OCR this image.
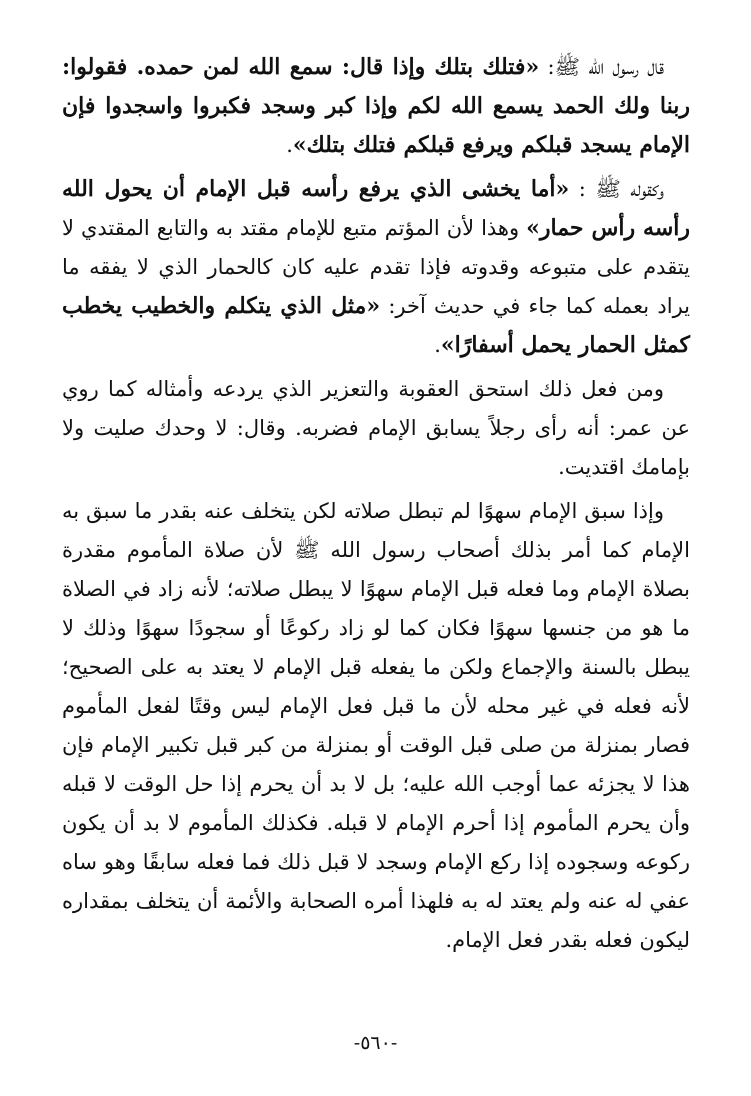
قال رسول الله ﷺ: «فتلك بتلك وإذا قال: سمع الله لمن حمده. فقولوا: ربنا ولك الحمد يسمع الله لكم وإذا كبر وسجد فكبروا واسجدوا فإن الإمام يسجد قبلكم ويرفع قبلكم فتلك بتلك».

وكقوله ﷺ : «أما يخشى الذي يرفع رأسه قبل الإمام أن يحول الله رأسه رأس حمار» وهذا لأن المؤتم متبع للإمام مقتد به والتابع المقتدي لا يتقدم على متبوعه وقدوته فإذا تقدم عليه كان كالحمار الذي لا يفقه ما يراد بعمله كما جاء في حديث آخر: «مثل الذي يتكلم والخطيب يخطب كمثل الحمار يحمل أسفارًا».

ومن فعل ذلك استحق العقوبة والتعزير الذي يردعه وأمثاله كما روي عن عمر: أنه رأى رجلاً يسابق الإمام فضربه. وقال: لا وحدك صليت ولا بإمامك اقتديت.

وإذا سبق الإمام سهوًا لم تبطل صلاته لكن يتخلف عنه بقدر ما سبق به الإمام كما أمر بذلك أصحاب رسول الله ﷺ لأن صلاة المأموم مقدرة بصلاة الإمام وما فعله قبل الإمام سهوًا لا يبطل صلاته؛ لأنه زاد في الصلاة ما هو من جنسها سهوًا فكان كما لو زاد ركوعًا أو سجودًا سهوًا وذلك لا يبطل بالسنة والإجماع ولكن ما يفعله قبل الإمام لا يعتد به على الصحيح؛ لأنه فعله في غير محله لأن ما قبل فعل الإمام ليس وقتًا لفعل المأموم فصار بمنزلة من صلى قبل الوقت أو بمنزلة من كبر قبل تكبير الإمام فإن هذا لا يجزئه عما أوجب الله عليه؛ بل لا بد أن يحرم إذا حل الوقت لا قبله وأن يحرم المأموم إذا أحرم الإمام لا قبله. فكذلك المأموم لا بد أن يكون ركوعه وسجوده إذا ركع الإمام وسجد لا قبل ذلك فما فعله سابقًا وهو ساه عفي له عنه ولم يعتد له به فلهذا أمره الصحابة والأئمة أن يتخلف بمقداره ليكون فعله بقدر فعل الإمام.

-٥٦٠-
